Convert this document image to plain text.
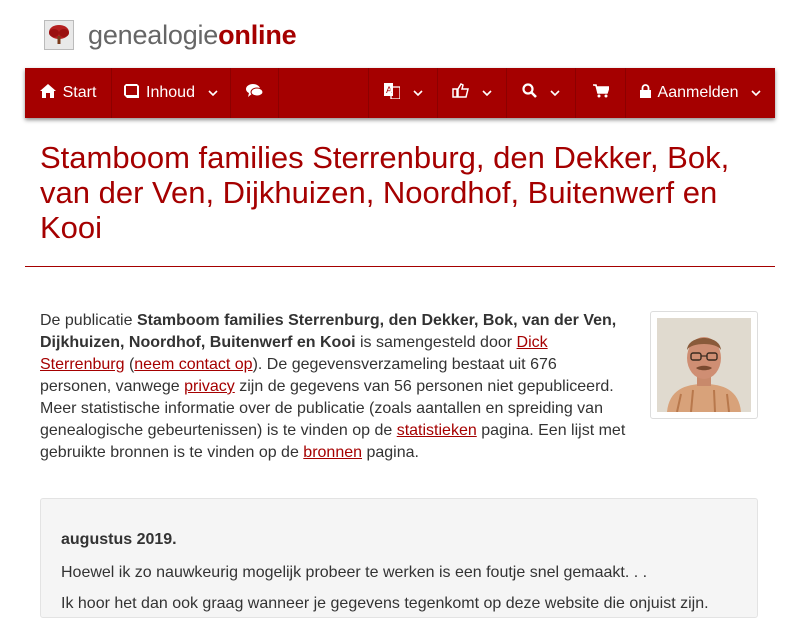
genealogieonline
Start	Inhoud	A	Aanmelden
Stamboom families Sterrenburg, den Dekker, Bok, van der Ven, Dijkhuizen, Noordhof, Buitenwerf en Kooi
De publicatie Stamboom families Sterrenburg, den Dekker, Bok, van der Ven, Dijkhuizen, Noordhof, Buitenwerf en Kooi is samengesteld door Dick Sterrenburg (neem contact op). De gegevensverzameling bestaat uit 676 personen, vanwege privacy zijn de gegevens van 56 personen niet gepubliceerd. Meer statistische informatie over de publicatie (zoals aantallen en spreiding van genealogische gebeurtenissen) is te vinden op de statistieken pagina. Een lijst met gebruikte bronnen is te vinden op de bronnen pagina.
augustus 2019.
Hoewel ik zo nauwkeurig mogelijk probeer te werken is een foutje snel gemaakt. . .
Ik hoor het dan ook graag wanneer je gegevens tegenkomt op deze website die onjuist zijn.
